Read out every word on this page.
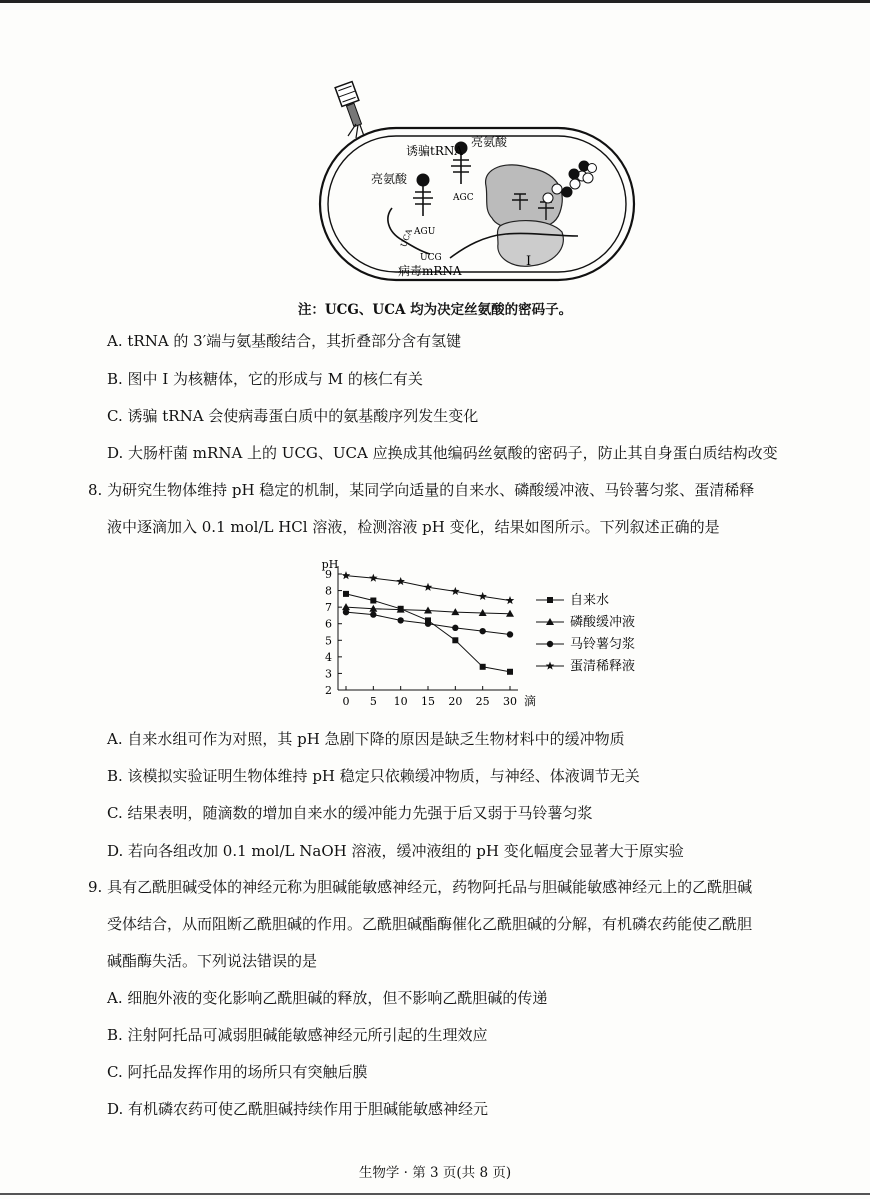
诱骗tRNA
亮氨酸
亮氨酸
AGC
AGU
UCA
UCG
病毒mRNA
I
注：UCG、UCA 均为决定丝氨酸的密码子。
A. tRNA 的 3′端与氨基酸结合，其折叠部分含有氢键
B. 图中 I 为核糖体，它的形成与 M 的核仁有关
C. 诱骗 tRNA 会使病毒蛋白质中的氨基酸序列发生变化
D. 大肠杆菌 mRNA 上的 UCG、UCA 应换成其他编码丝氨酸的密码子，防止其自身蛋白质结构改变
8. 为研究生物体维持 pH 稳定的机制，某同学向适量的自来水、磷酸缓冲液、马铃薯匀浆、蛋清稀释
液中逐滴加入 0.1 mol/L HCl 溶液，检测溶液 pH 变化，结果如图所示。下列叙述正确的是
2
3
4
5
6
7
8
9
0 5 10 15 20 25 30
pH
滴
自来水
磷酸缓冲液
马铃薯匀浆
蛋清稀释液
A. 自来水组可作为对照，其 pH 急剧下降的原因是缺乏生物材料中的缓冲物质
B. 该模拟实验证明生物体维持 pH 稳定只依赖缓冲物质，与神经、体液调节无关
C. 结果表明，随滴数的增加自来水的缓冲能力先强于后又弱于马铃薯匀浆
D. 若向各组改加 0.1 mol/L NaOH 溶液，缓冲液组的 pH 变化幅度会显著大于原实验
9. 具有乙酰胆碱受体的神经元称为胆碱能敏感神经元，药物阿托品与胆碱能敏感神经元上的乙酰胆碱
受体结合，从而阻断乙酰胆碱的作用。乙酰胆碱酯酶催化乙酰胆碱的分解，有机磷农药能使乙酰胆
碱酯酶失活。下列说法错误的是
A. 细胞外液的变化影响乙酰胆碱的释放，但不影响乙酰胆碱的传递
B. 注射阿托品可减弱胆碱能敏感神经元所引起的生理效应
C. 阿托品发挥作用的场所只有突触后膜
D. 有机磷农药可使乙酰胆碱持续作用于胆碱能敏感神经元
生物学 · 第 3 页(共 8 页)
